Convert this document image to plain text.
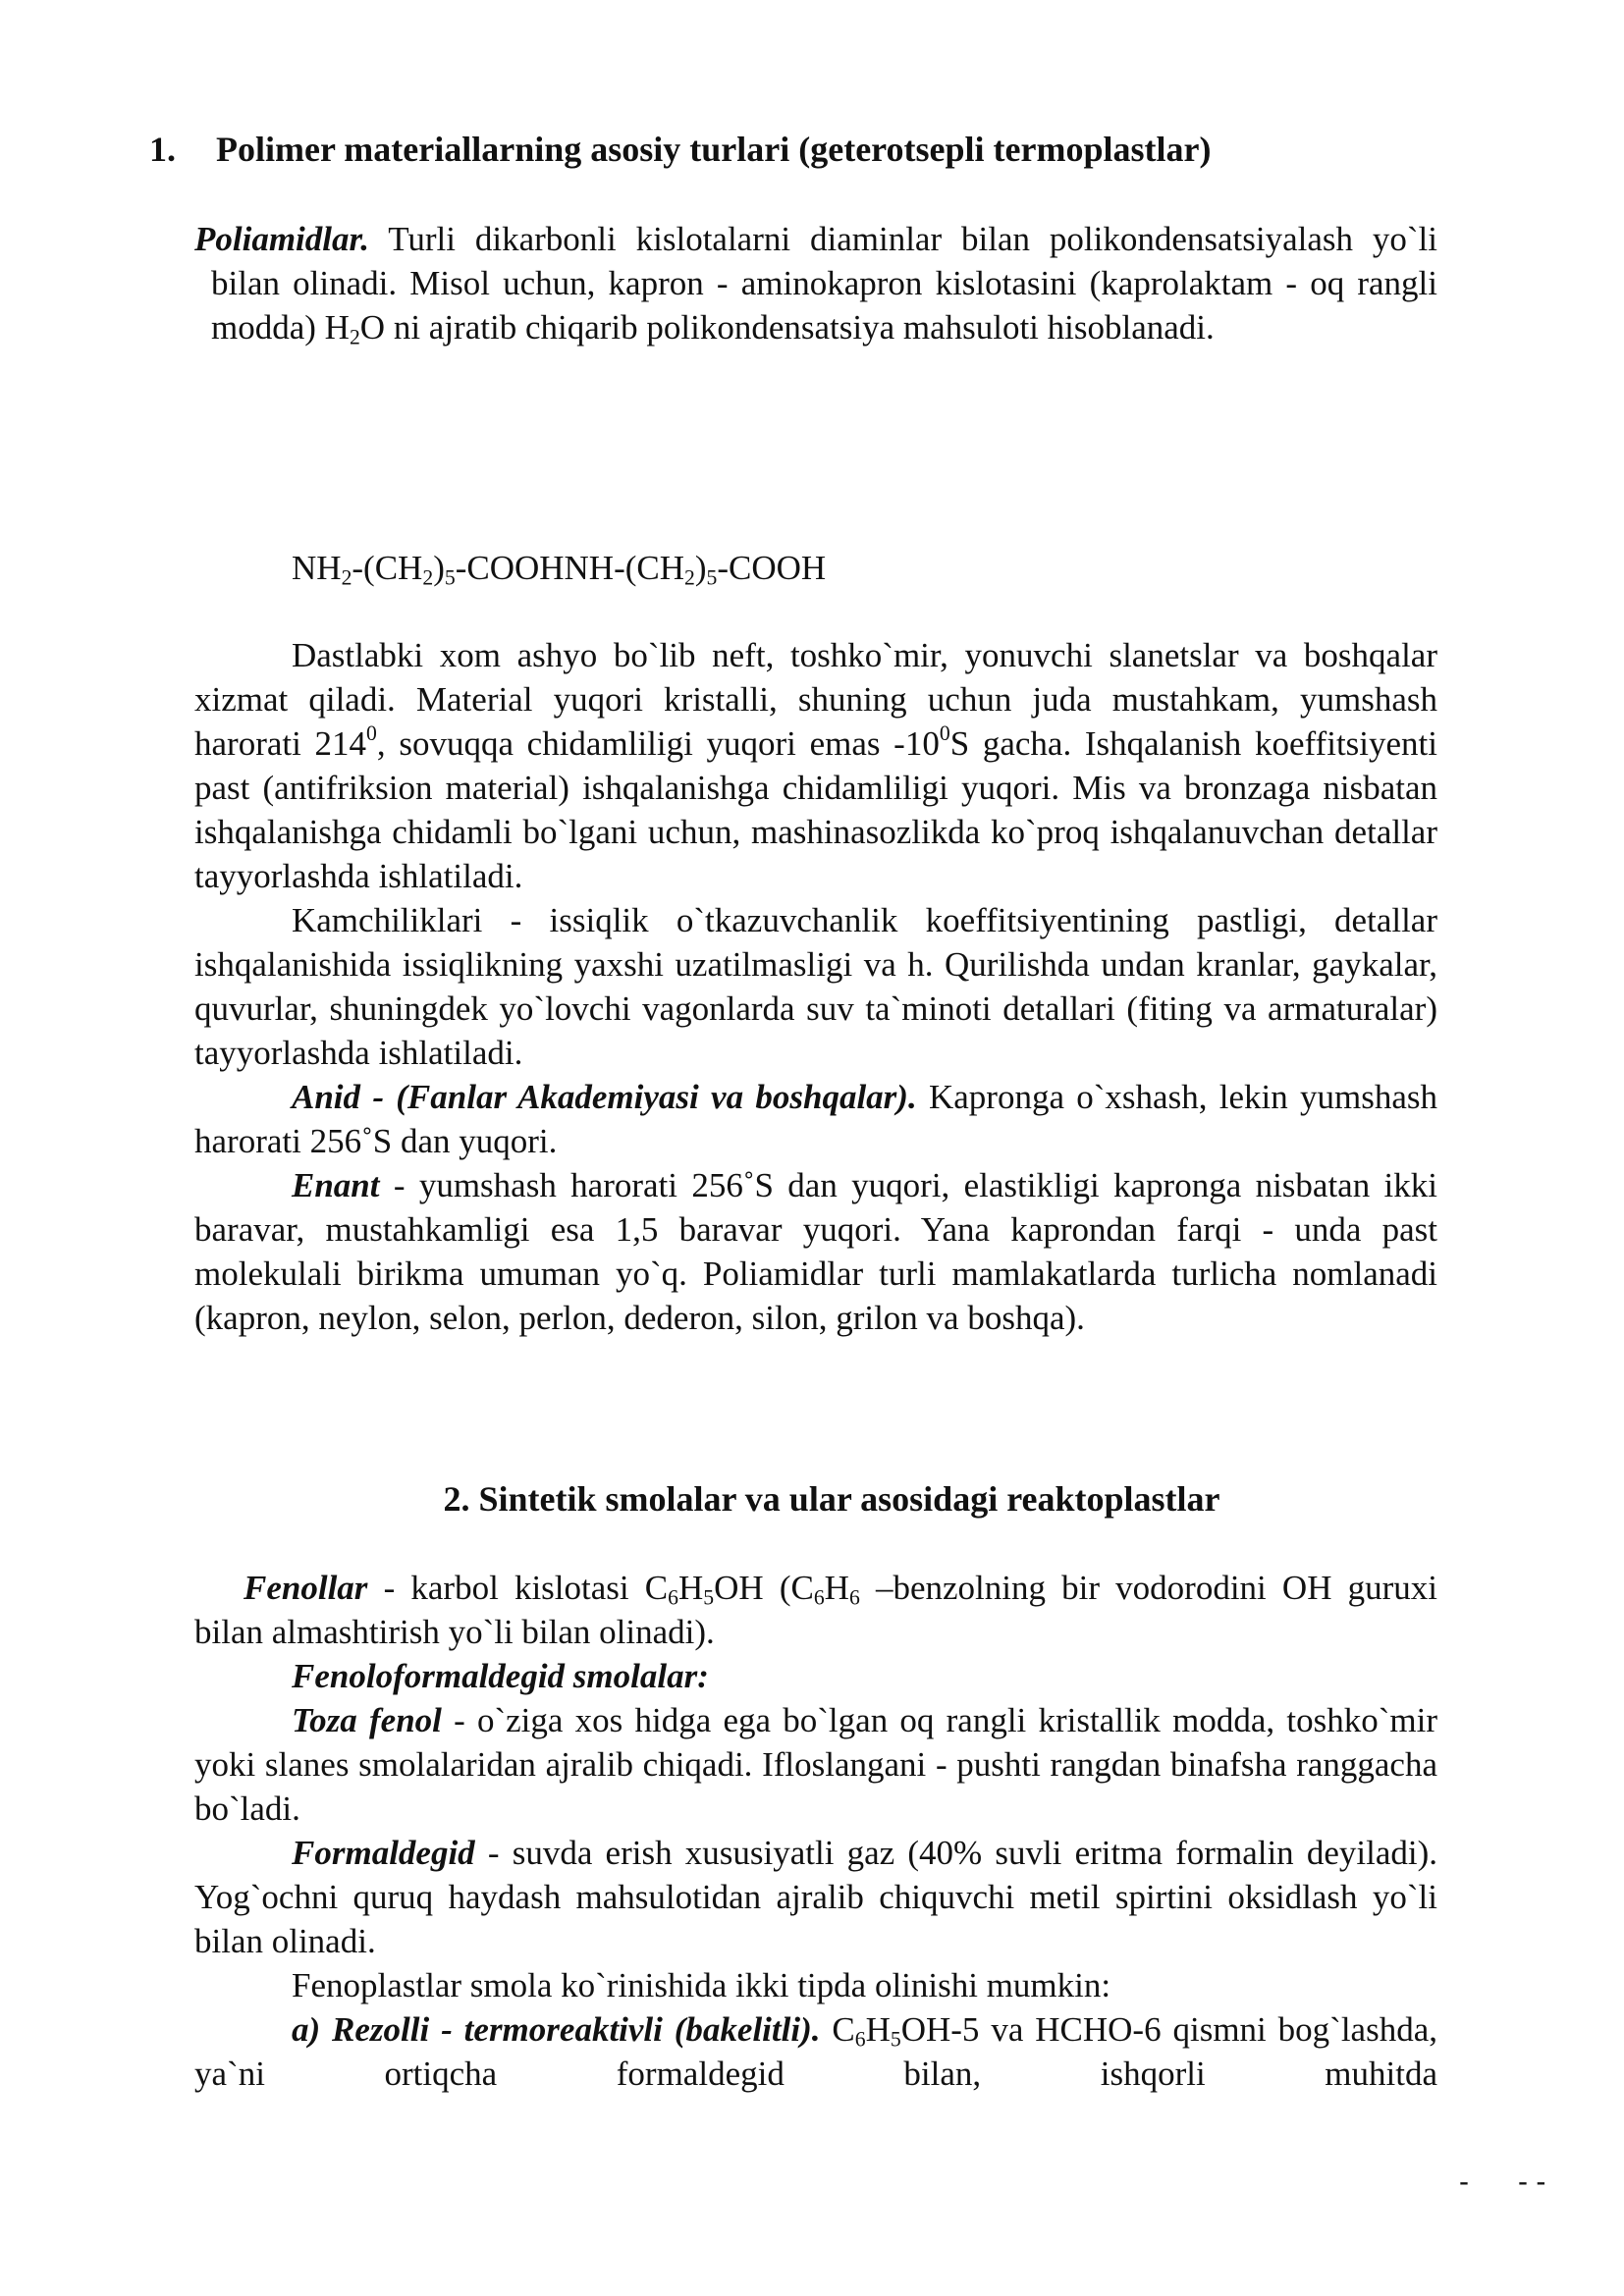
1. Polimer materiallarning asosiy turlari (geterotsepli termoplastlar)

Poliamidlar. Turli dikarbonli kislotalarni diaminlar bilan polikondensatsiyalash yo`li bilan olinadi. Misol uchun, kapron - aminokapron kislotasini (kaprolaktam - oq rangli modda) $H_2O$ ni ajratib chiqarib polikondensatsiya mahsuloti hisoblanadi.

$NH_2-(CH_2)_5-COOHNH-(CH_2)_5$-COOH

Dastlabki xom ashyo bo`lib neft, toshko`mir, yonuvchi slanetslar va boshqalar xizmat qiladi. Material yuqori kristalli, shuning uchun juda mustahkam, yumshash harorati $214^0$, sovuqqa chidamliligi yuqori emas $-10^0S$ gacha. Ishqalanish koeffitsiyenti past (antifriksion material) ishqalanishga chidamliligi yuqori. Mis va bronzaga nisbatan ishqalanishga chidamli bo`lgani uchun, mashinasozlikda ko`proq ishqalanuvchan detallar tayyorlashda ishlatiladi.

Kamchiliklari - issiqlik o`tkazuvchanlik koeffitsiyentining pastligi, detallar ishqalanishida issiqlikning yaxshi uzatilmasligi va h. Qurilishda undan kranlar, gaykalar, quvurlar, shuningdek yo`lovchi vagonlarda suv ta`minoti detallari (fiting va armaturalar) tayyorlashda ishlatiladi.

Anid - (Fanlar Akademiyasi va boshqalar). Kapronga o`xshash, lekin yumshash harorati 256˚S dan yuqori.

Enant - yumshash harorati 256˚S dan yuqori, elastikligi kapronga nisbatan ikki baravar, mustahkamligi esa 1,5 baravar yuqori. Yana kaprondan farqi - unda past molekulali birikma umuman yo`q. Poliamidlar turli mamlakatlarda turlicha nomlanadi (kapron, neylon, selon, perlon, dederon, silon, grilon va boshqa).

2. Sintetik smolalar va ular asosidagi reaktoplastlar

Fenollar - karbol kislotasi $C_6H_5OH$ ($C_6H_6$ –benzolning bir vodorodini OH guruxi bilan almashtirish yo`li bilan olinadi).

Fenoloformaldegid smolalar:

Toza fenol - o`ziga xos hidga ega bo`lgan oq rangli kristallik modda, toshko`mir yoki slanes smolalaridan ajralib chiqadi. Ifloslangani - pushti rangdan binafsha ranggacha bo`ladi.

Formaldegid - suvda erish xususiyatli gaz (40% suvli eritma formalin deyiladi). Yog`ochni quruq haydash mahsulotidan ajralib chiquvchi metil spirtini oksidlash yo`li bilan olinadi.

Fenoplastlar smola ko`rinishida ikki tipda olinishi mumkin:

a) Rezolli - termoreaktivli (bakelitli). $C_6H_5OH-5$ va HCHO-6 qismni bog`lashda, ya`ni ortiqcha formaldegid bilan, ishqorli muhitda

-      - -
